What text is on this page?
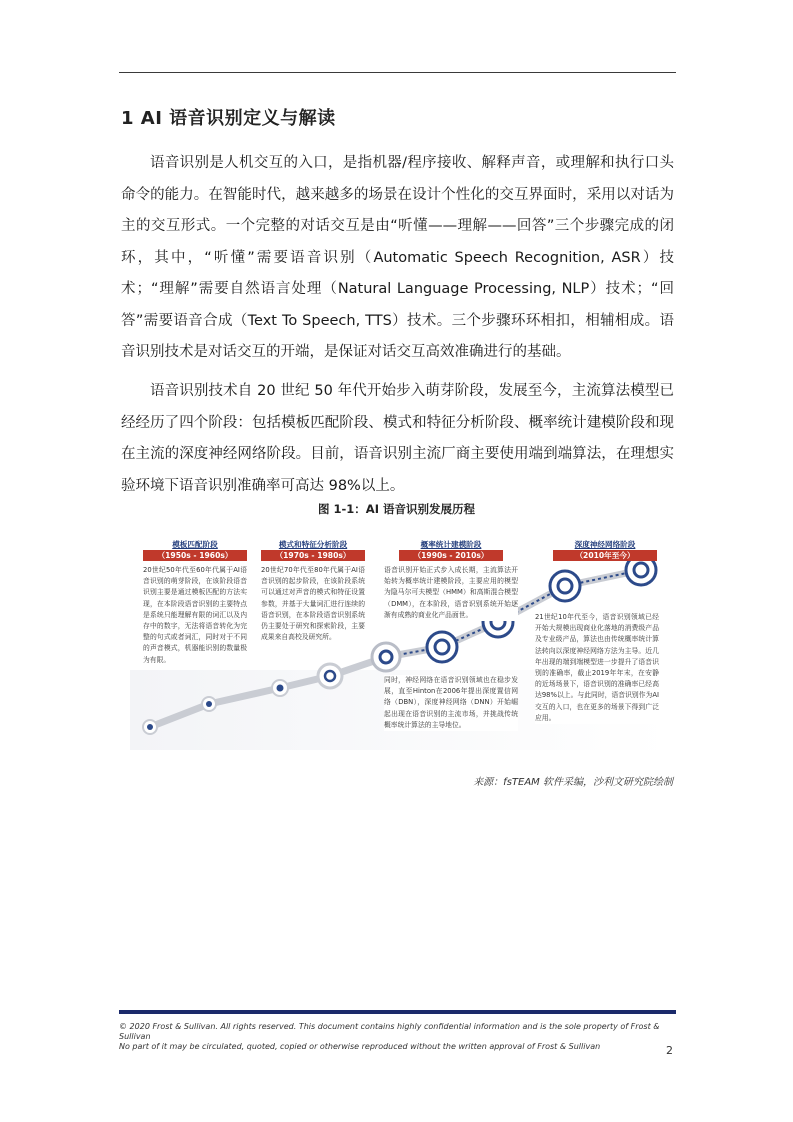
1 AI 语音识别定义与解读

语音识别是人机交互的入口，是指机器/程序接收、解释声音，或理解和执行口头命令的能力。在智能时代，越来越多的场景在设计个性化的交互界面时，采用以对话为主的交互形式。一个完整的对话交互是由“听懂——理解——回答”三个步骤完成的闭环，其中，“听懂”需要语音识别（Automatic Speech Recognition, ASR）技术；“理解”需要自然语言处理（Natural Language Processing, NLP）技术；“回答”需要语音合成（Text To Speech, TTS）技术。三个步骤环环相扣，相辅相成。语音识别技术是对话交互的开端，是保证对话交互高效准确进行的基础。

语音识别技术自 20 世纪 50 年代开始步入萌芽阶段，发展至今，主流算法模型已经经历了四个阶段：包括模板匹配阶段、模式和特征分析阶段、概率统计建模阶段和现在主流的深度神经网络阶段。目前，语音识别主流厂商主要使用端到端算法，在理想实验环境下语音识别准确率可高达 98%以上。

图 1-1：AI 语音识别发展历程
模板匹配阶段
（1950s - 1960s）
20世纪50年代至60年代属于AI语音识别的萌芽阶段，在该阶段语音识别主要是通过模板匹配的方法实现，在本阶段语音识别的主要特点是系统只能理解有限的词汇以及内存中的数字，无法将语音转化为完整的句式或者词汇，同时对于不同的声音模式，机器能识别的数量极为有限。
模式和特征分析阶段
（1970s - 1980s）
20世纪70年代至80年代属于AI语音识别的起步阶段，在该阶段系统可以通过对声音的模式和特征设置参数，并基于大量词汇进行连续的语音识别，在本阶段语音识别系统仍主要处于研究和探索阶段，主要成果来自高校及研究所。
概率统计建模阶段
（1990s - 2010s）
语音识别开始正式步入成长期，主流算法开始转为概率统计建模阶段，主要应用的模型为隐马尔可夫模型（HMM）和高斯混合模型（DMM），在本阶段，语音识别系统开始逐渐有成熟的商业化产品面世。
同时，神经网络在语音识别领域也在稳步发展，直至Hinton在2006年提出深度置信网络（DBN），深度神经网络（DNN）开始崛起出现在语音识别的主流市场，并挑战传统概率统计算法的主导地位。
深度神经网络阶段
（2010年至今）
21世纪10年代至今，语音识别领域已经开始大规模出现商业化落地的消费级产品及专业级产品，算法也由传统概率统计算法转向以深度神经网络方法为主导。近几年出现的端到端模型进一步提升了语音识别的准确率，截止2019年年末，在安静的近场场景下，语音识别的准确率已经高达98%以上。与此同时，语音识别作为AI交互的入口，也在更多的场景下得到广泛应用。
来源：fsTEAM 软件采编，沙利文研究院绘制
© 2020 Frost & Sullivan. All rights reserved. This document contains highly confidential information and is the sole property of Frost & Sullivan
No part of it may be circulated, quoted, copied or otherwise reproduced without the written approval of Frost & Sullivan	2
